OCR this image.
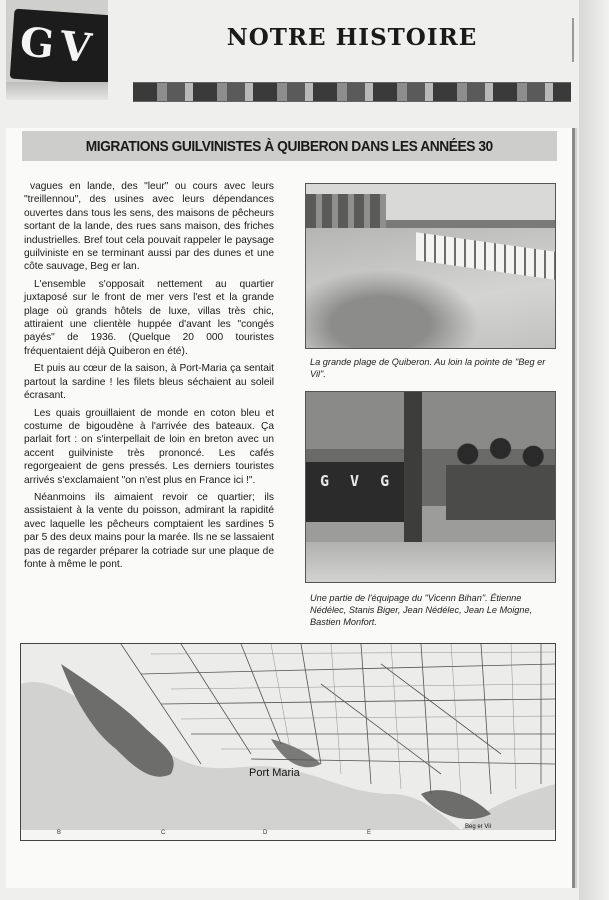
GV	NOTRE HISTOIRE
MIGRATIONS GUILVINISTES À QUIBERON DANS LES ANNÉES 30

vagues en lande, des "leur" ou cours avec leurs "treillennou", des usines avec leurs dépendances ouvertes dans tous les sens, des maisons de pêcheurs sortant de la lande, des rues sans maison, des friches industrielles. Bref tout cela pouvait rappeler le paysage guilviniste en se terminant aussi par des dunes et une côte sauvage, Beg er lan.

L'ensemble s'opposait nettement au quartier juxtaposé sur le front de mer vers l'est et la grande plage où grands hôtels de luxe, villas très chic, attiraient une clientèle huppée d'avant les "congés payés" de 1936. (Quelque 20 000 touristes fréquentaient déjà Quiberon en été).

Et puis au cœur de la saison, à Port-Maria ça sentait partout la sardine ! les filets bleus séchaient au soleil écrasant.

Les quais grouillaient de monde en coton bleu et costume de bigoudène à l'arrivée des bateaux. Ça parlait fort : on s'interpellait de loin en breton avec un accent guilviniste très prononcé. Les cafés regorgeaient de gens pressés. Les derniers touristes arrivés s'exclamaient "on n'est plus en France ici !".

Néanmoins ils aimaient revoir ce quartier; ils assistaient à la vente du poisson, admirant la rapidité avec laquelle les pêcheurs comptaient les sardines 5 par 5 des deux mains pour la marée. Ils ne se lassaient pas de regarder préparer la cotriade sur une plaque de fonte à même le pont.

La grande plage de Quiberon. Au loin la pointe de "Beg er Vil".
G V G
Une partie de l'équipage du "Vicenn Bihan". Étienne Nédélec, Stanis Biger, Jean Nédélec, Jean Le Moigne, Bastien Monfort.
Port Maria
Beg er Vil
B	C	D	E
